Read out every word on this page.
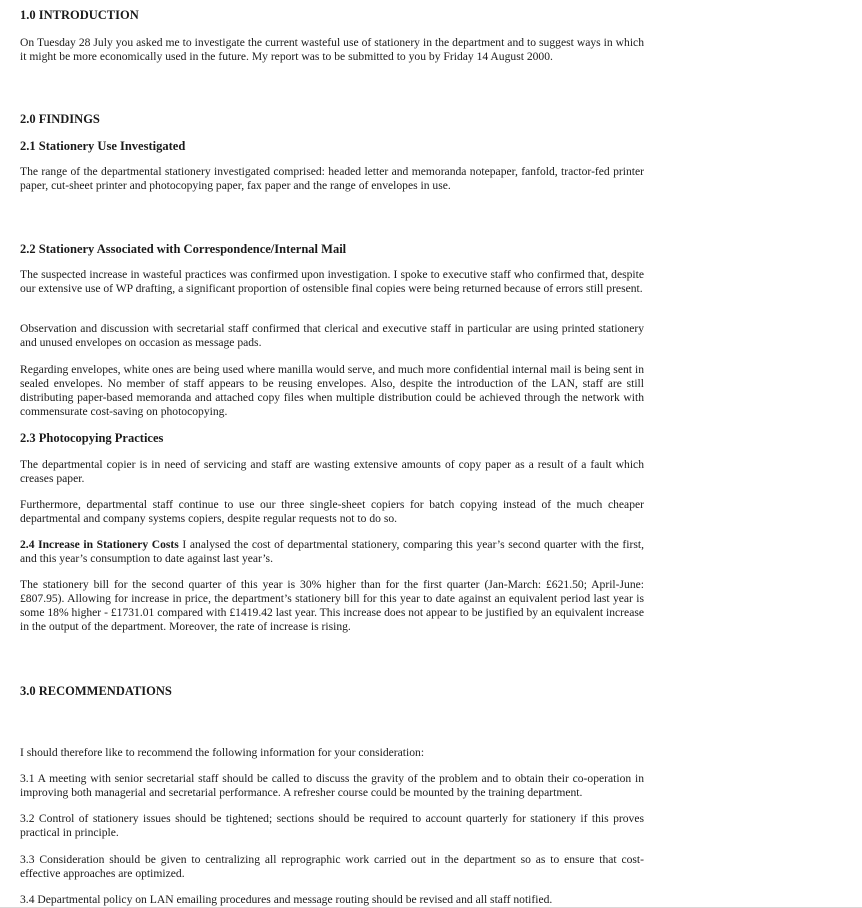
1.0 INTRODUCTION
On Tuesday 28 July you asked me to investigate the current wasteful use of stationery in the department and to suggest ways in which it might be more economically used in the future. My report was to be submitted to you by Friday 14 August 2000.
2.0 FINDINGS
2.1 Stationery Use Investigated
The range of the departmental stationery investigated comprised: headed letter and memoranda notepaper, fanfold, tractor-fed printer paper, cut-sheet printer and photocopying paper, fax paper and the range of envelopes in use.
2.2 Stationery Associated with Correspondence/Internal Mail
The suspected increase in wasteful practices was confirmed upon investigation. I spoke to executive staff who confirmed that, despite our extensive use of WP drafting, a significant proportion of ostensible final copies were being returned because of errors still present.
Observation and discussion with secretarial staff confirmed that clerical and executive staff in particular are using printed stationery and unused envelopes on occasion as message pads.
Regarding envelopes, white ones are being used where manilla would serve, and much more confidential internal mail is being sent in sealed envelopes. No member of staff appears to be reusing envelopes. Also, despite the introduction of the LAN, staff are still distributing paper-based memoranda and attached copy files when multiple distribution could be achieved through the network with commensurate cost-saving on photocopying.
2.3 Photocopying Practices
The departmental copier is in need of servicing and staff are wasting extensive amounts of copy paper as a result of a fault which creases paper.
Furthermore, departmental staff continue to use our three single-sheet copiers for batch copying instead of the much cheaper departmental and company systems copiers, despite regular requests not to do so.
2.4 Increase in Stationery Costs I analysed the cost of departmental stationery, comparing this year’s second quarter with the first, and this year’s consumption to date against last year’s.
The stationery bill for the second quarter of this year is 30% higher than for the first quarter (Jan-March: £621.50; April-June: £807.95). Allowing for increase in price, the department’s stationery bill for this year to date against an equivalent period last year is some 18% higher - £1731.01 compared with £1419.42 last year. This increase does not appear to be justified by an equivalent increase in the output of the department. Moreover, the rate of increase is rising.
3.0 RECOMMENDATIONS
I should therefore like to recommend the following information for your consideration:
3.1 A meeting with senior secretarial staff should be called to discuss the gravity of the problem and to obtain their co-operation in improving both managerial and secretarial performance. A refresher course could be mounted by the training department.
3.2 Control of stationery issues should be tightened; sections should be required to account quarterly for stationery if this proves practical in principle.
3.3 Consideration should be given to centralizing all reprographic work carried out in the department so as to ensure that cost-effective approaches are optimized.
3.4 Departmental policy on LAN emailing procedures and message routing should be revised and all staff notified.
